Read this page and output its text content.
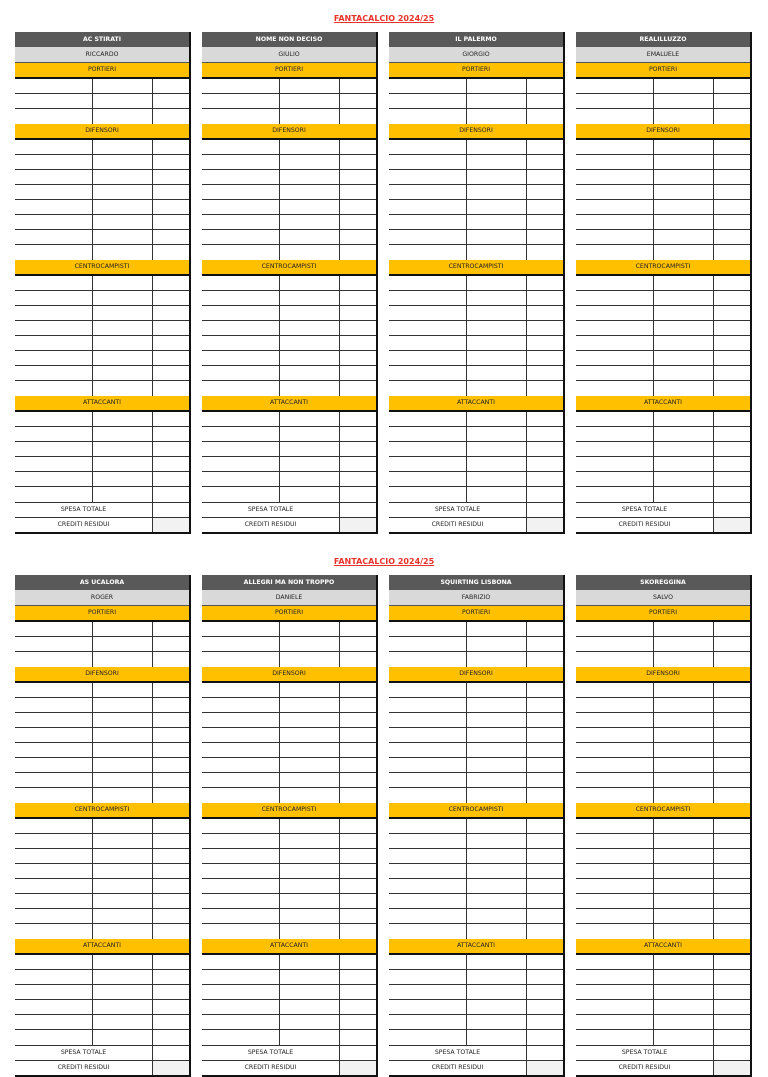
FANTACALCIO 2024/25
AC STIRATI
RICCARDO
PORTIERI
DIFENSORI
CENTROCAMPISTI
ATTACCANTI
SPESA TOTALE
CREDITI RESIDUI
NOME NON DECISO
GIULIO
PORTIERI
DIFENSORI
CENTROCAMPISTI
ATTACCANTI
SPESA TOTALE
CREDITI RESIDUI
IL PALERMO
GIORGIO
PORTIERI
DIFENSORI
CENTROCAMPISTI
ATTACCANTI
SPESA TOTALE
CREDITI RESIDUI
REALILLUZZO
EMALUELE
PORTIERI
DIFENSORI
CENTROCAMPISTI
ATTACCANTI
SPESA TOTALE
CREDITI RESIDUI
FANTACALCIO 2024/25
AS UCALORA
ROGER
PORTIERI
DIFENSORI
CENTROCAMPISTI
ATTACCANTI
SPESA TOTALE
CREDITI RESIDUI
ALLEGRI MA NON TROPPO
DANIELE
PORTIERI
DIFENSORI
CENTROCAMPISTI
ATTACCANTI
SPESA TOTALE
CREDITI RESIDUI
SQUIRTING LISBONA
FABRIZIO
PORTIERI
DIFENSORI
CENTROCAMPISTI
ATTACCANTI
SPESA TOTALE
CREDITI RESIDUI
SKOREGGINA
SALVO
PORTIERI
DIFENSORI
CENTROCAMPISTI
ATTACCANTI
SPESA TOTALE
CREDITI RESIDUI
